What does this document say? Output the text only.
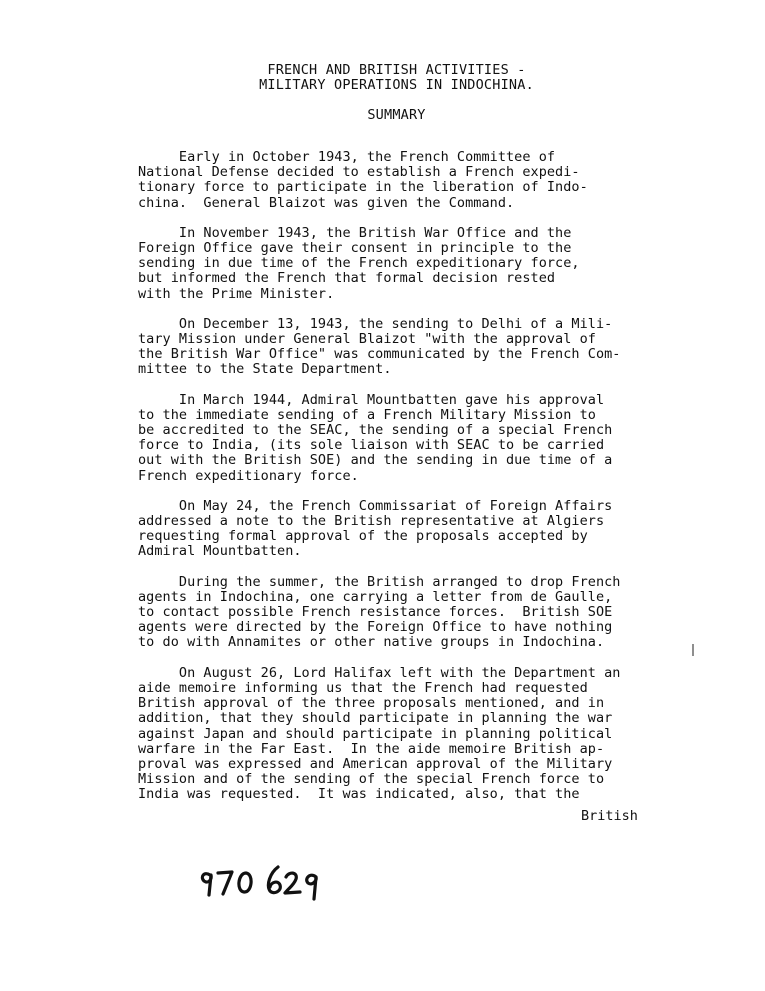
FRENCH AND BRITISH ACTIVITIES -
MILITARY OPERATIONS IN INDOCHINA.
SUMMARY
Early in October 1943, the French Committee of
National Defense decided to establish a French expedi-
tionary force to participate in the liberation of Indo-
china.  General Blaizot was given the Command.
In November 1943, the British War Office and the
Foreign Office gave their consent in principle to the
sending in due time of the French expeditionary force,
but informed the French that formal decision rested
with the Prime Minister.
On December 13, 1943, the sending to Delhi of a Mili-
tary Mission under General Blaizot "with the approval of
the British War Office" was communicated by the French Com-
mittee to the State Department.
In March 1944, Admiral Mountbatten gave his approval
to the immediate sending of a French Military Mission to
be accredited to the SEAC, the sending of a special French
force to India, (its sole liaison with SEAC to be carried
out with the British SOE) and the sending in due time of a
French expeditionary force.
On May 24, the French Commissariat of Foreign Affairs
addressed a note to the British representative at Algiers
requesting formal approval of the proposals accepted by
Admiral Mountbatten.
During the summer, the British arranged to drop French
agents in Indochina, one carrying a letter from de Gaulle,
to contact possible French resistance forces.  British SOE
agents were directed by the Foreign Office to have nothing
to do with Annamites or other native groups in Indochina.
On August 26, Lord Halifax left with the Department an
aide memoire informing us that the French had requested
British approval of the three proposals mentioned, and in
addition, that they should participate in planning the war
against Japan and should participate in planning political
warfare in the Far East.  In the aide memoire British ap-
proval was expressed and American approval of the Military
Mission and of the sending of the special French force to
India was requested.  It was indicated, also, that the
British
